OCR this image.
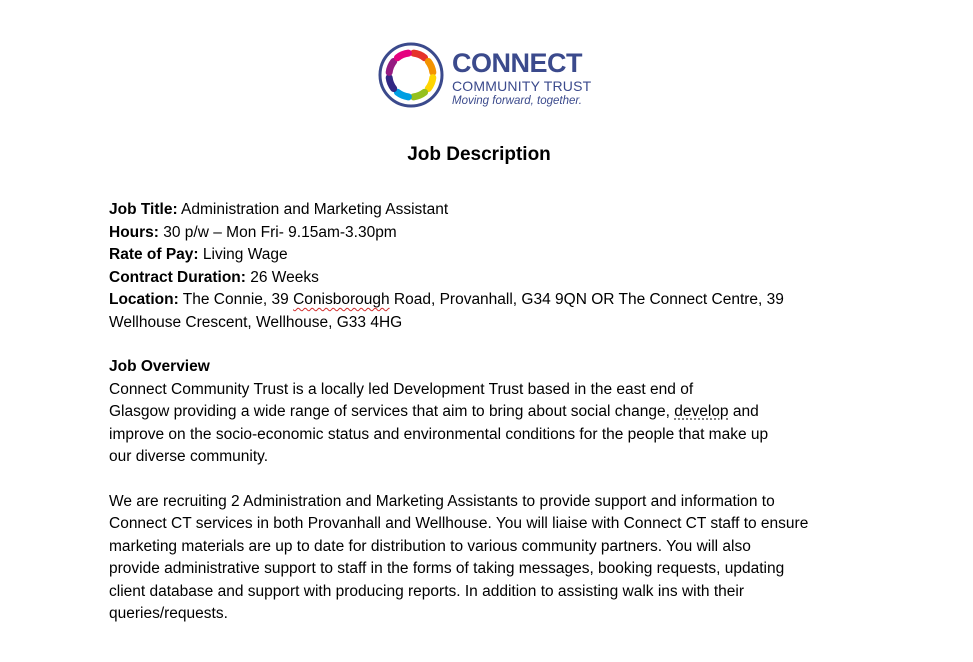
CONNECT
COMMUNITY TRUST
Moving forward, together.
Job Description
Job Title: Administration and Marketing Assistant
Hours: 30 p/w – Mon Fri- 9.15am-3.30pm
Rate of Pay: Living Wage
Contract Duration: 26 Weeks
Location: The Connie, 39 Conisborough Road, Provanhall, G34 9QN OR The Connect Centre, 39
Wellhouse Crescent, Wellhouse, G33 4HG
Job Overview
Connect Community Trust is a locally led Development Trust based in the east end of
Glasgow providing a wide range of services that aim to bring about social change, develop and
improve on the socio-economic status and environmental conditions for the people that make up
our diverse community.
We are recruiting 2 Administration and Marketing Assistants to provide support and information to
Connect CT services in both Provanhall and Wellhouse. You will liaise with Connect CT staff to ensure
marketing materials are up to date for distribution to various community partners. You will also
provide administrative support to staff in the forms of taking messages, booking requests, updating
client database and support with producing reports. In addition to assisting walk ins with their
queries/requests.
